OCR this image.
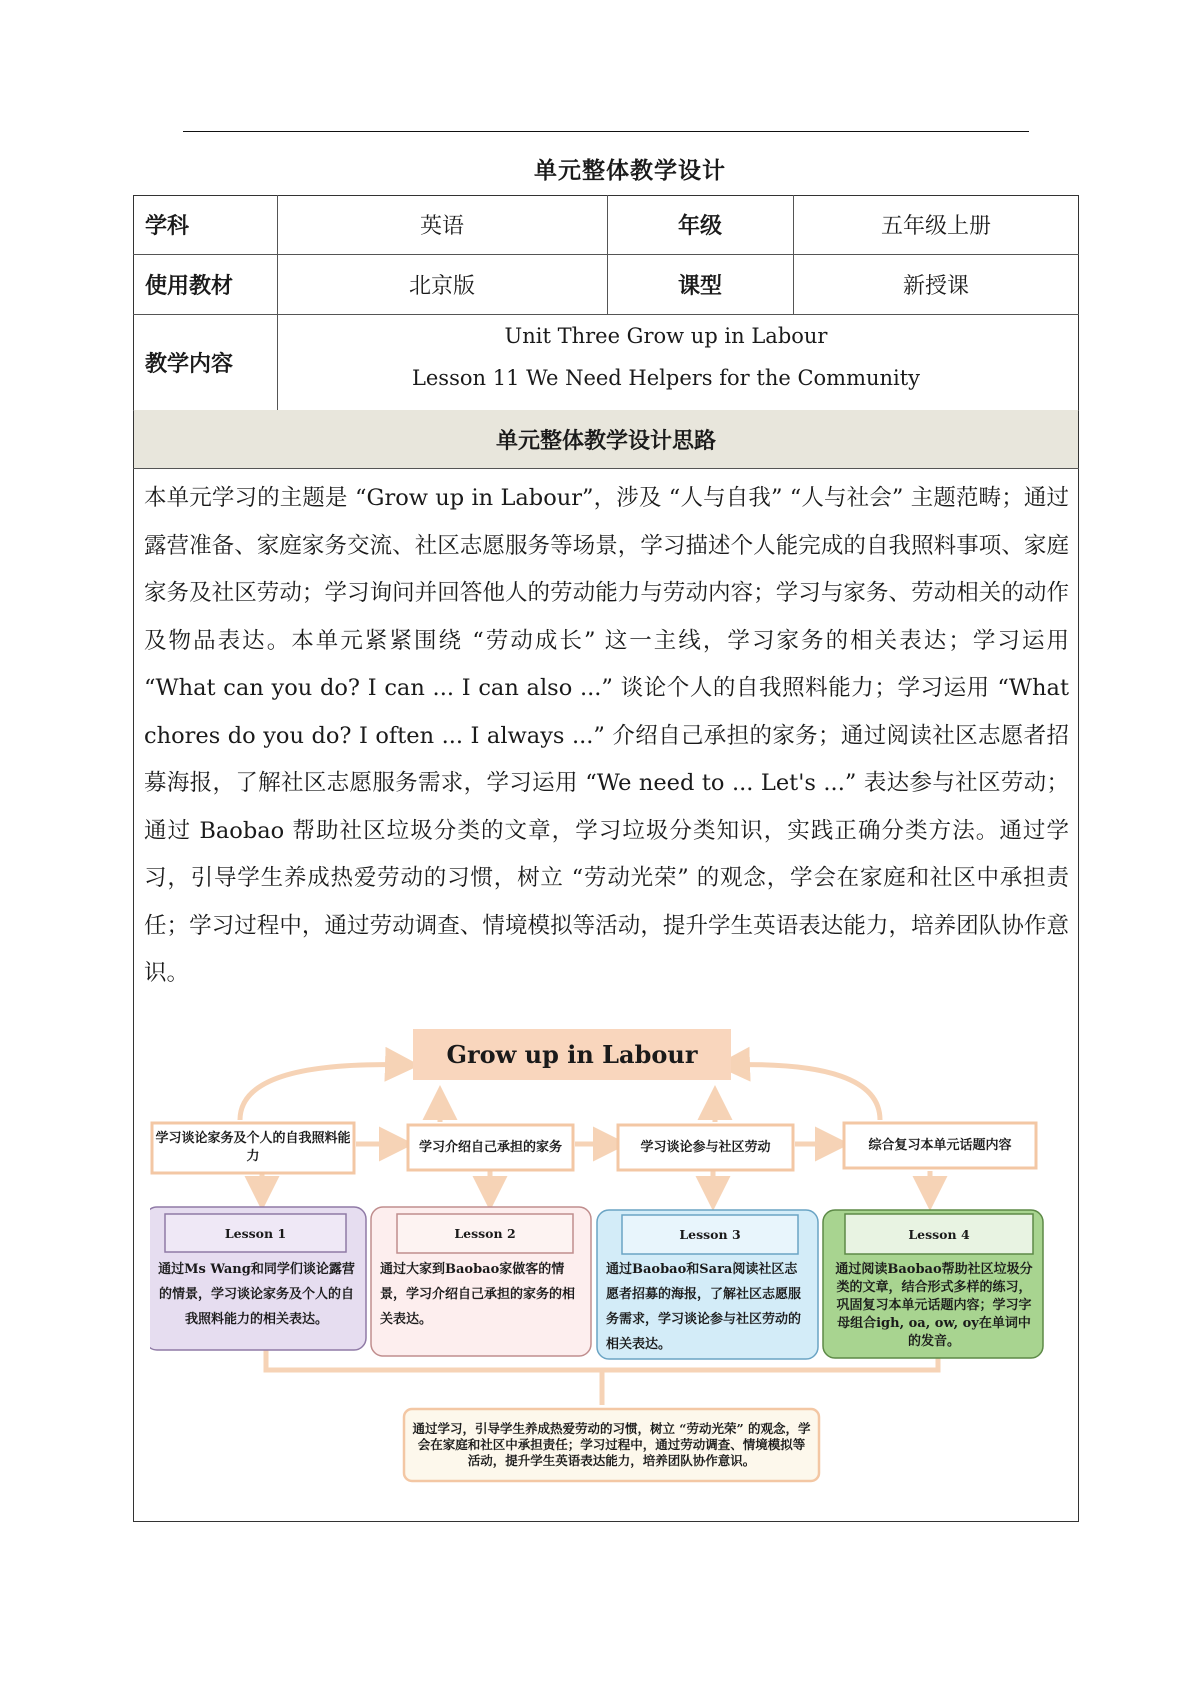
单元整体教学设计
学科	英语	年级	五年级上册
使用教材	北京版	课型	新授课
教学内容
Unit Three Grow up in Labour
Lesson 11 We Need Helpers for the Community
单元整体教学设计思路
本单元学习的主题是 “Grow up in Labour”，涉及 “人与自我” “人与社会” 主题范畴；通过露营准备、家庭家务交流、社区志愿服务等场景，学习描述个人能完成的自我照料事项、家庭家务及社区劳动；学习询问并回答他人的劳动能力与劳动内容；学习与家务、劳动相关的动作及物品表达。本单元紧紧围绕 “劳动成长” 这一主线，学习家务的相关表达；学习运用 “What can you do? I can ... I can also ...” 谈论个人的自我照料能力；学习运用 “What chores do you do? I often ... I always ...” 介绍自己承担的家务；通过阅读社区志愿者招募海报，了解社区志愿服务需求，学习运用 “We need to ... Let's ...” 表达参与社区劳动；通过 Baobao 帮助社区垃圾分类的文章，学习垃圾分类知识，实践正确分类方法。通过学习，引导学生养成热爱劳动的习惯，树立 “劳动光荣” 的观念，学会在家庭和社区中承担责任；学习过程中，通过劳动调查、情境模拟等活动，提升学生英语表达能力，培养团队协作意识。
Grow up in Labour
学习谈论家务及个人的自我照料能力
学习介绍自己承担的家务	学习谈论参与社区劳动	综合复习本单元话题内容
Lesson 1
通过Ms Wang和同学们谈论露营的情景，学习谈论家务及个人的自我照料能力的相关表达。
Lesson 2
通过大家到Baobao家做客的情景，学习介绍自己承担的家务的相关表达。
Lesson 3
通过Baobao和Sara阅读社区志愿者招募的海报，了解社区志愿服务需求，学习谈论参与社区劳动的相关表达。
Lesson 4
通过阅读Baobao帮助社区垃圾分类的文章，结合形式多样的练习，巩固复习本单元话题内容；学习字母组合igh, oa, ow, oy在单词中的发音。
通过学习，引导学生养成热爱劳动的习惯，树立 “劳动光荣” 的观念，学会在家庭和社区中承担责任；学习过程中，通过劳动调查、情境模拟等活动，提升学生英语表达能力，培养团队协作意识。
